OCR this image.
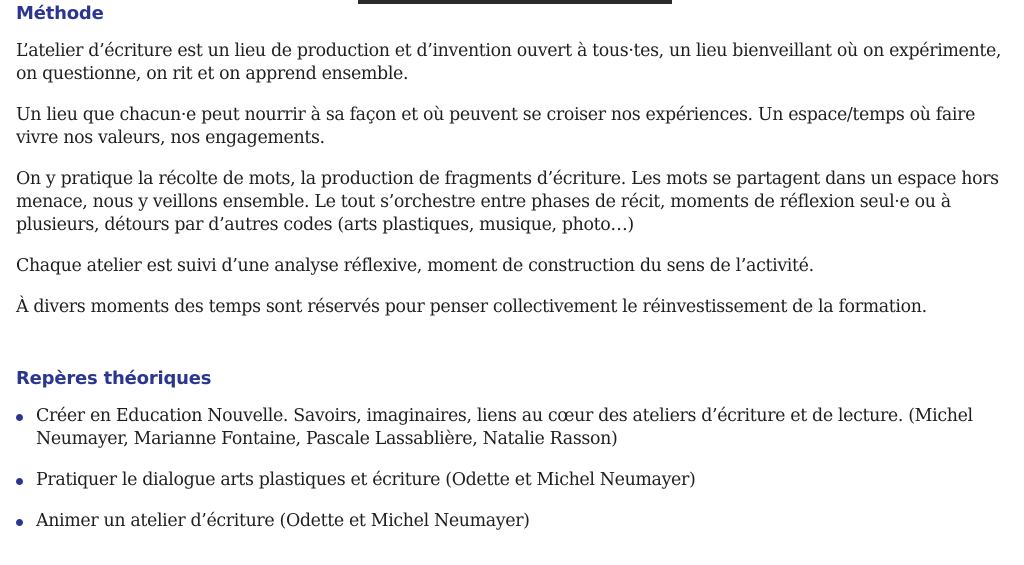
Méthode

L’atelier d’écriture est un lieu de production et d’invention ouvert à tous·tes, un lieu bienveillant où on expérimente, on questionne, on rit et on apprend ensemble.

Un lieu que chacun·e peut nourrir à sa façon et où peuvent se croiser nos expériences. Un espace/temps où faire vivre nos valeurs, nos engagements.

On y pratique la récolte de mots, la production de fragments d’écriture. Les mots se partagent dans un espace hors menace, nous y veillons ensemble. Le tout s’orchestre entre phases de récit, moments de réflexion seul·e ou à plusieurs, détours par d’autres codes (arts plastiques, musique, photo…)

Chaque atelier est suivi d’une analyse réflexive, moment de construction du sens de l’activité.

À divers moments des temps sont réservés pour penser collectivement le réinvestissement de la formation.

Repères théoriques

Créer en Education Nouvelle. Savoirs, imaginaires, liens au cœur des ateliers d’écriture et de lecture. (Michel Neumayer, Marianne Fontaine, Pascale Lassablière, Natalie Rasson)

Pratiquer le dialogue arts plastiques et écriture (Odette et Michel Neumayer)

Animer un atelier d’écriture (Odette et Michel Neumayer)
